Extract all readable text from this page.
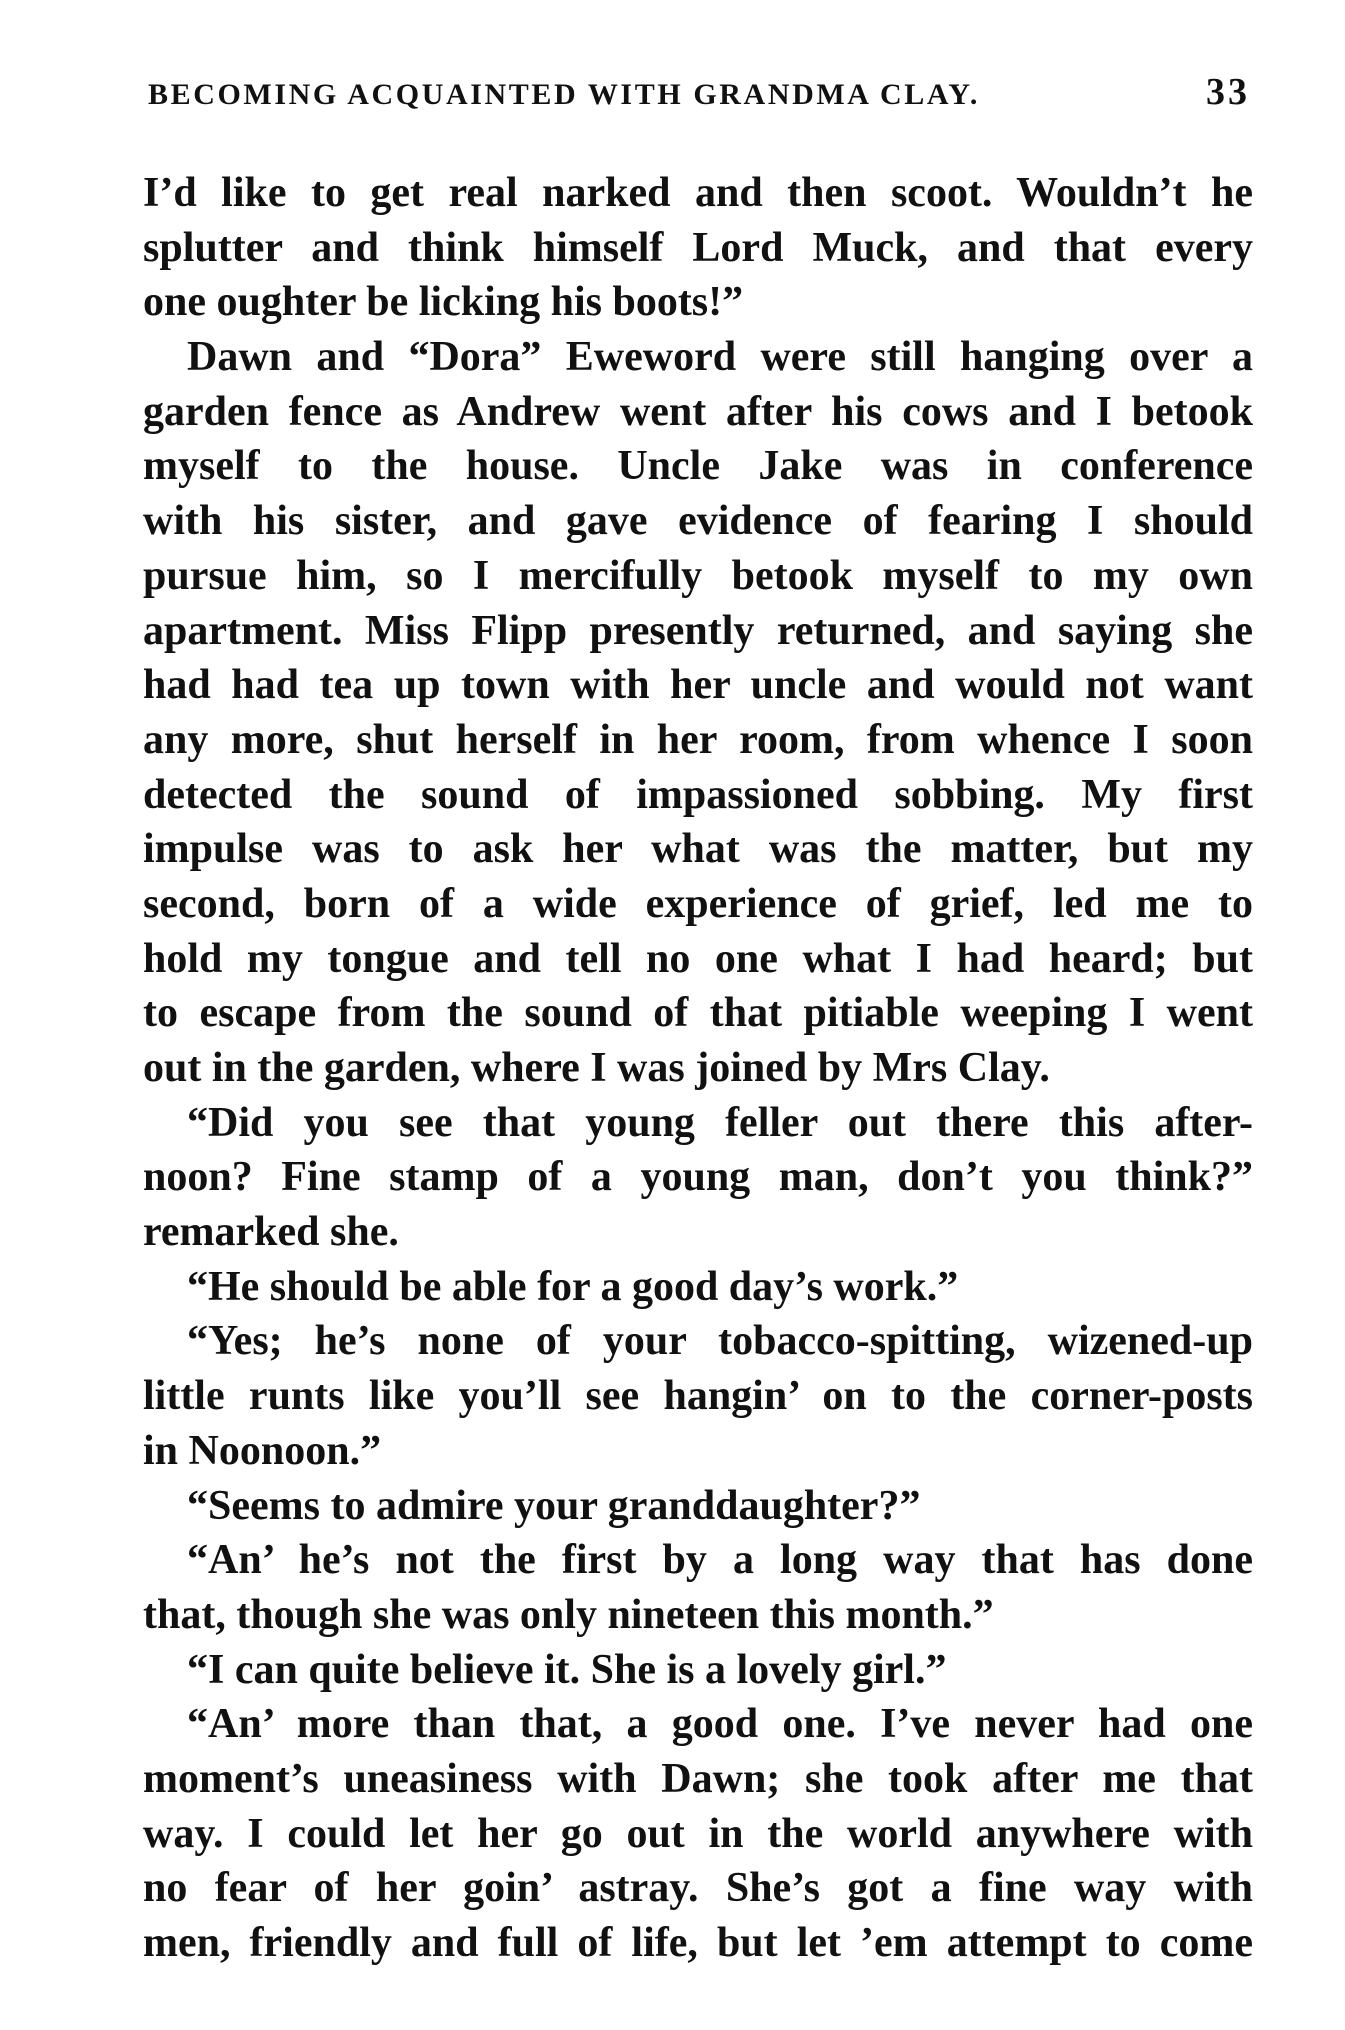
BECOMING ACQUAINTED WITH GRANDMA CLAY.	33
I’d like to get real narked and then scoot. Wouldn’t he
splutter and think himself Lord Muck, and that every
one oughter be licking his boots!”
Dawn and “Dora” Eweword were still hanging over a
garden fence as Andrew went after his cows and I betook
myself to the house. Uncle Jake was in conference
with his sister, and gave evidence of fearing I should
pursue him, so I mercifully betook myself to my own
apartment. Miss Flipp presently returned, and saying she
had had tea up town with her uncle and would not want
any more, shut herself in her room, from whence I soon
detected the sound of impassioned sobbing. My first
impulse was to ask her what was the matter, but my
second, born of a wide experience of grief, led me to
hold my tongue and tell no one what I had heard; but
to escape from the sound of that pitiable weeping I went
out in the garden, where I was joined by Mrs Clay.
“Did you see that young feller out there this after-
noon? Fine stamp of a young man, don’t you think?”
remarked she.
“He should be able for a good day’s work.”
“Yes; he’s none of your tobacco-spitting, wizened-up
little runts like you’ll see hangin’ on to the corner-posts
in Noonoon.”
“Seems to admire your granddaughter?”
“An’ he’s not the first by a long way that has done
that, though she was only nineteen this month.”
“I can quite believe it. She is a lovely girl.”
“An’ more than that, a good one. I’ve never had one
moment’s uneasiness with Dawn; she took after me that
way. I could let her go out in the world anywhere with
no fear of her goin’ astray. She’s got a fine way with
men, friendly and full of life, but let ’em attempt to come
